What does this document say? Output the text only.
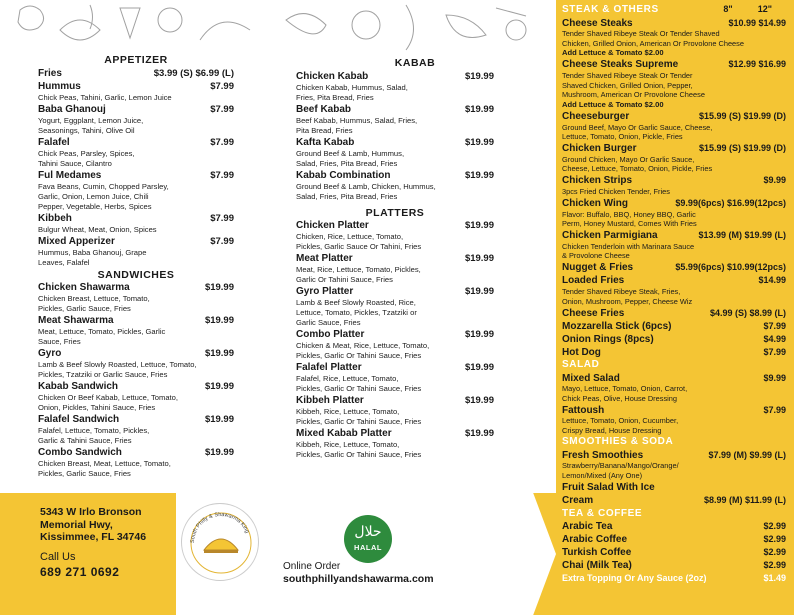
APPETIZER
Fries	$3.99 (S) $6.99 (L)
Hummus	$7.99
Chick Peas, Tahini, Garlic, Lemon Juice
Baba Ghanouj	$7.99
Yogurt, Eggplant, Lemon Juice,
Seasonings, Tahini, Olive Oil
Falafel	$7.99
Chick Peas, Parsley, Spices,
Tahini Sauce, Cilantro
Ful Medames	$7.99
Fava Beans, Cumin, Chopped Parsley,
Garlic, Onion, Lemon Juice, Chili
Pepper, Vegetable, Herbs, Spices
Kibbeh	$7.99
Bulgur Wheat, Meat, Onion, Spices
Mixed Apperizer	$7.99
Hummus, Baba Ghanouj, Grape
Leaves, Falafel
SANDWICHES
Chicken Shawarma	$19.99
Chicken Breast, Lettuce, Tomato,
Pickles, Garlic Sauce, Fries
Meat Shawarma	$19.99
Meat, Lettuce, Tomato, Pickles, Garlic
Sauce, Fries
Gyro	$19.99
Lamb & Beef Slowly Roasted, Lettuce, Tomato,
Pickles, Tzatziki or Garlic Sauce, Fries
Kabab Sandwich	$19.99
Chicken Or Beef Kabab, Lettuce, Tomato,
Onion, Pickles, Tahini Sauce, Fries
Falafel Sandwich	$19.99
Falafel, Lettuce, Tomato, Pickles,
Garlic & Tahini Sauce, Fries
Combo Sandwich	$19.99
Chicken Breast, Meat, Lettuce, Tomato,
Pickles, Garlic Sauce, Fries
KABAB
Chicken Kabab	$19.99
Chicken Kabab, Hummus, Salad,
Fries, Pita Bread, Fries
Beef Kabab	$19.99
Beef Kabab, Hummus, Salad, Fries,
Pita Bread, Fries
Kafta Kabab	$19.99
Ground Beef & Lamb, Hummus,
Salad, Fries, Pita Bread, Fries
Kabab Combination	$19.99
Ground Beef & Lamb, Chicken, Hummus,
Salad, Fries, Pita Bread, Fries
PLATTERS
Chicken Platter	$19.99
Chicken, Rice, Lettuce, Tomato,
Pickles, Garlic Sauce Or Tahini, Fries
Meat Platter	$19.99
Meat, Rice, Lettuce, Tomato, Pickles,
Garlic Or Tahini Sauce, Fries
Gyro Platter	$19.99
Lamb & Beef Slowly Roasted, Rice,
Lettuce, Tomato, Pickles, Tzatziki or
Garlic Sauce, Fries
Combo Platter	$19.99
Chicken & Meat, Rice, Lettuce, Tomato,
Pickles, Garlic Or Tahini Sauce, Fries
Falafel Platter	$19.99
Falafel, Rice, Lettuce, Tomato,
Pickles, Garlic Or Tahini Sauce, Fries
Kibbeh Platter	$19.99
Kibbeh, Rice, Lettuce, Tomato,
Pickles, Garlic Or Tahini Sauce, Fries
Mixed Kabab Platter	$19.99
Kibbeh, Rice, Lettuce, Tomato,
Pickles, Garlic Or Tahini Sauce, Fries
STEAK & OTHERS	8"	12"
Cheese Steaks	$10.99 $14.99
Tender Shaved Ribeye Steak Or Tender Shaved
Chicken, Grilled Onion, American Or Provolone Cheese
Add Lettuce & Tomato $2.00
Cheese Steaks Supreme	$12.99 $16.99
Tender Shaved Ribeye Steak Or Tender
Shaved Chicken, Grilled Onion, Pepper,
Mushroom, American Or Provolone Cheese
Add Lettuce & Tomato $2.00
Cheeseburger	$15.99 (S) $19.99 (D)
Ground Beef, Mayo Or Garlic Sauce, Cheese,
Lettuce, Tomato, Onion, Pickle, Fries
Chicken Burger	$15.99 (S) $19.99 (D)
Ground Chicken, Mayo Or Garlic Sauce,
Cheese, Lettuce, Tomato, Onion, Pickle, Fries
Chicken Strips	$9.99
3pcs Fried Chicken Tender, Fries
Chicken Wing	$9.99(6pcs) $16.99(12pcs)
Flavor: Buffalo, BBQ, Honey BBQ, Garlic
Perm, Honey Mustard, Comes With Fries
Chicken Parmigiana	$13.99 (M) $19.99 (L)
Chicken Tenderloin with Marinara Sauce
& Provolone Cheese
Nugget & Fries	$5.99(6pcs) $10.99(12pcs)
Loaded Fries	$14.99
Tender Shaved Ribeye Steak, Fries,
Onion, Mushroom, Pepper, Cheese Wiz
Cheese Fries	$4.99 (S) $8.99 (L)
Mozzarella Stick (6pcs)	$7.99
Onion Rings (8pcs)	$4.99
Hot Dog	$7.99
SALAD
Mixed Salad	$9.99
Mayo, Lettuce, Tomato, Onion, Carrot,
Chick Peas, Olive, House Dressing
Fattoush	$7.99
Lettuce, Tomato, Onion, Cucumber,
Crispy Bread, House Dressing
SMOOTHIES & SODA
Fresh Smoothies	$7.99 (M) $9.99 (L)
Strawberry/Banana/Mango/Orange/
Lemon/Mixed (Any One)
Fruit Salad With Ice
Cream	$8.99 (M) $11.99 (L)
TEA & COFFEE
Arabic Tea	$2.99
Arabic Coffee	$2.99
Turkish Coffee	$2.99
Chai (Milk Tea)	$2.99
Extra Topping Or Any Sauce (2oz)	$1.49
5343 W Irlo Bronson
Memorial Hwy,
Kissimmee, FL 34746
Call Us
689 271 0692
South Philly & Shawarma King	حلال
HALAL
Online Order
southphillyandshawarma.com
